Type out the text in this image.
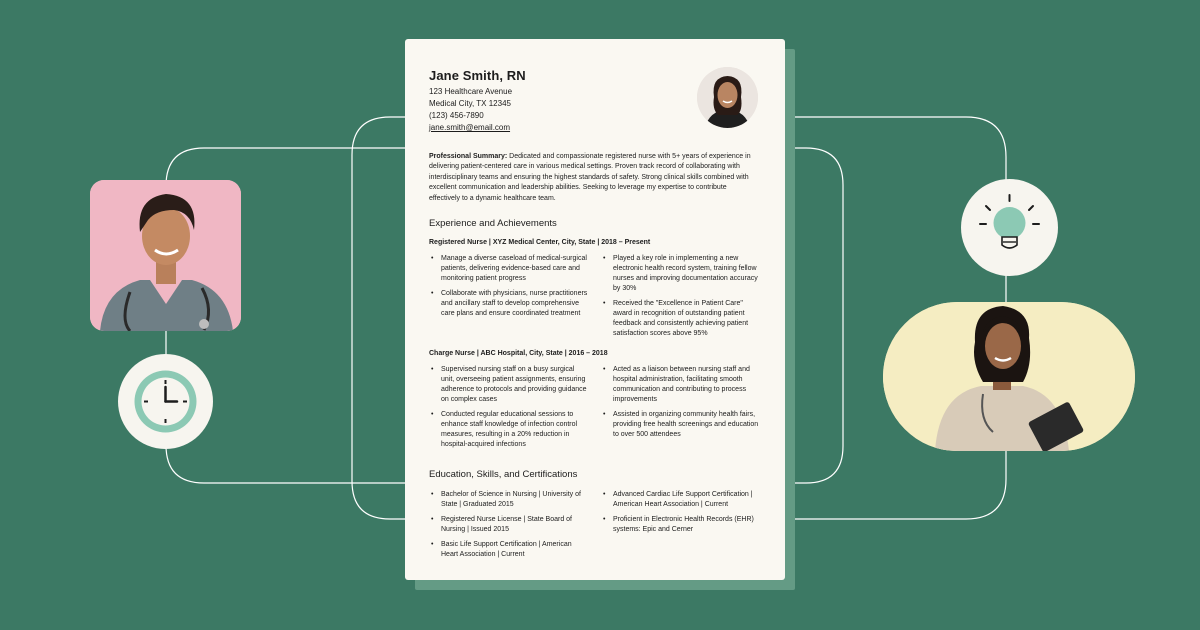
Jane Smith, RN
123 Healthcare Avenue
Medical City, TX 12345
(123) 456-7890
jane.smith@email.com
Professional Summary: Dedicated and compassionate registered nurse with 5+ years of experience in delivering patient-centered care in various medical settings. Proven track record of collaborating with interdisciplinary teams and ensuring the highest standards of safety. Strong clinical skills combined with excellent communication and leadership abilities. Seeking to leverage my expertise to contribute effectively to a dynamic healthcare team.
Experience and Achievements
Registered Nurse | XYZ Medical Center, City, State | 2018 – Present
• Manage a diverse caseload of medical-surgical patients, delivering evidence-based care and monitoring patient progress
• Collaborate with physicians, nurse practitioners and ancillary staff to develop comprehensive care plans and ensure coordinated treatment
• Played a key role in implementing a new electronic health record system, training fellow nurses and improving documentation accuracy by 30%
• Received the "Excellence in Patient Care" award in recognition of outstanding patient feedback and consistently achieving patient satisfaction scores above 95%
Charge Nurse | ABC Hospital, City, State | 2016 – 2018
• Supervised nursing staff on a busy surgical unit, overseeing patient assignments, ensuring adherence to protocols and providing guidance on complex cases
• Conducted regular educational sessions to enhance staff knowledge of infection control measures, resulting in a 20% reduction in hospital-acquired infections
• Acted as a liaison between nursing staff and hospital administration, facilitating smooth communication and contributing to process improvements
• Assisted in organizing community health fairs, providing free health screenings and education to over 500 attendees
Education, Skills, and Certifications
• Bachelor of Science in Nursing | University of State | Graduated 2015
• Registered Nurse License | State Board of Nursing | Issued 2015
• Basic Life Support Certification | American Heart Association | Current
• Advanced Cardiac Life Support Certification | American Heart Association | Current
• Proficient in Electronic Health Records (EHR) systems: Epic and Cerner
